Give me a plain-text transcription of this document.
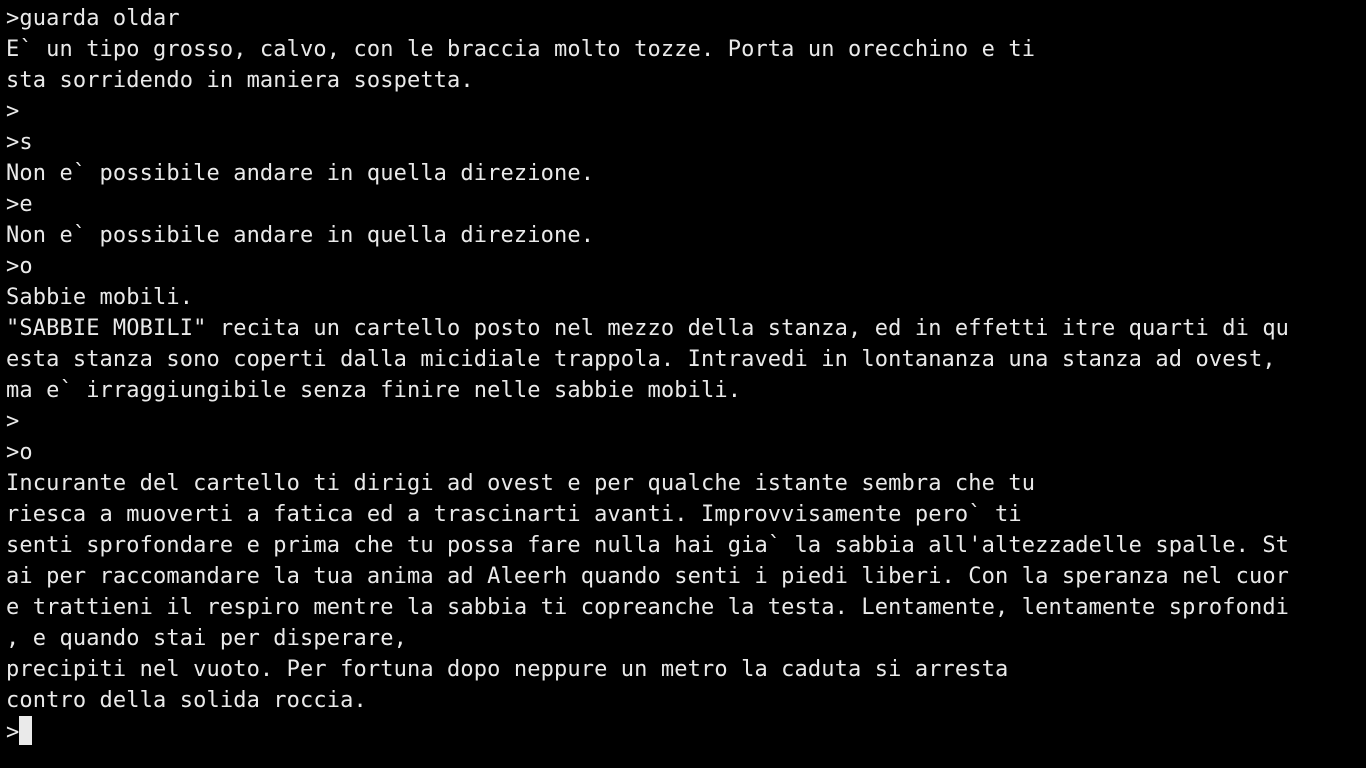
>guarda oldar
E` un tipo grosso, calvo, con le braccia molto tozze. Porta un orecchino e ti
sta sorridendo in maniera sospetta.
>
>s
Non e` possibile andare in quella direzione.
>e
Non e` possibile andare in quella direzione.
>o
Sabbie mobili.
"SABBIE MOBILI" recita un cartello posto nel mezzo della stanza, ed in effetti itre quarti di qu
esta stanza sono coperti dalla micidiale trappola. Intravedi in lontananza una stanza ad ovest,
ma e` irraggiungibile senza finire nelle sabbie mobili.
>
>o
Incurante del cartello ti dirigi ad ovest e per qualche istante sembra che tu
riesca a muoverti a fatica ed a trascinarti avanti. Improvvisamente pero` ti
senti sprofondare e prima che tu possa fare nulla hai gia` la sabbia all'altezzadelle spalle. St
ai per raccomandare la tua anima ad Aleerh quando senti i piedi liberi. Con la speranza nel cuor
e trattieni il respiro mentre la sabbia ti copreanche la testa. Lentamente, lentamente sprofondi
, e quando stai per disperare,
precipiti nel vuoto. Per fortuna dopo neppure un metro la caduta si arresta
contro della solida roccia.
>
